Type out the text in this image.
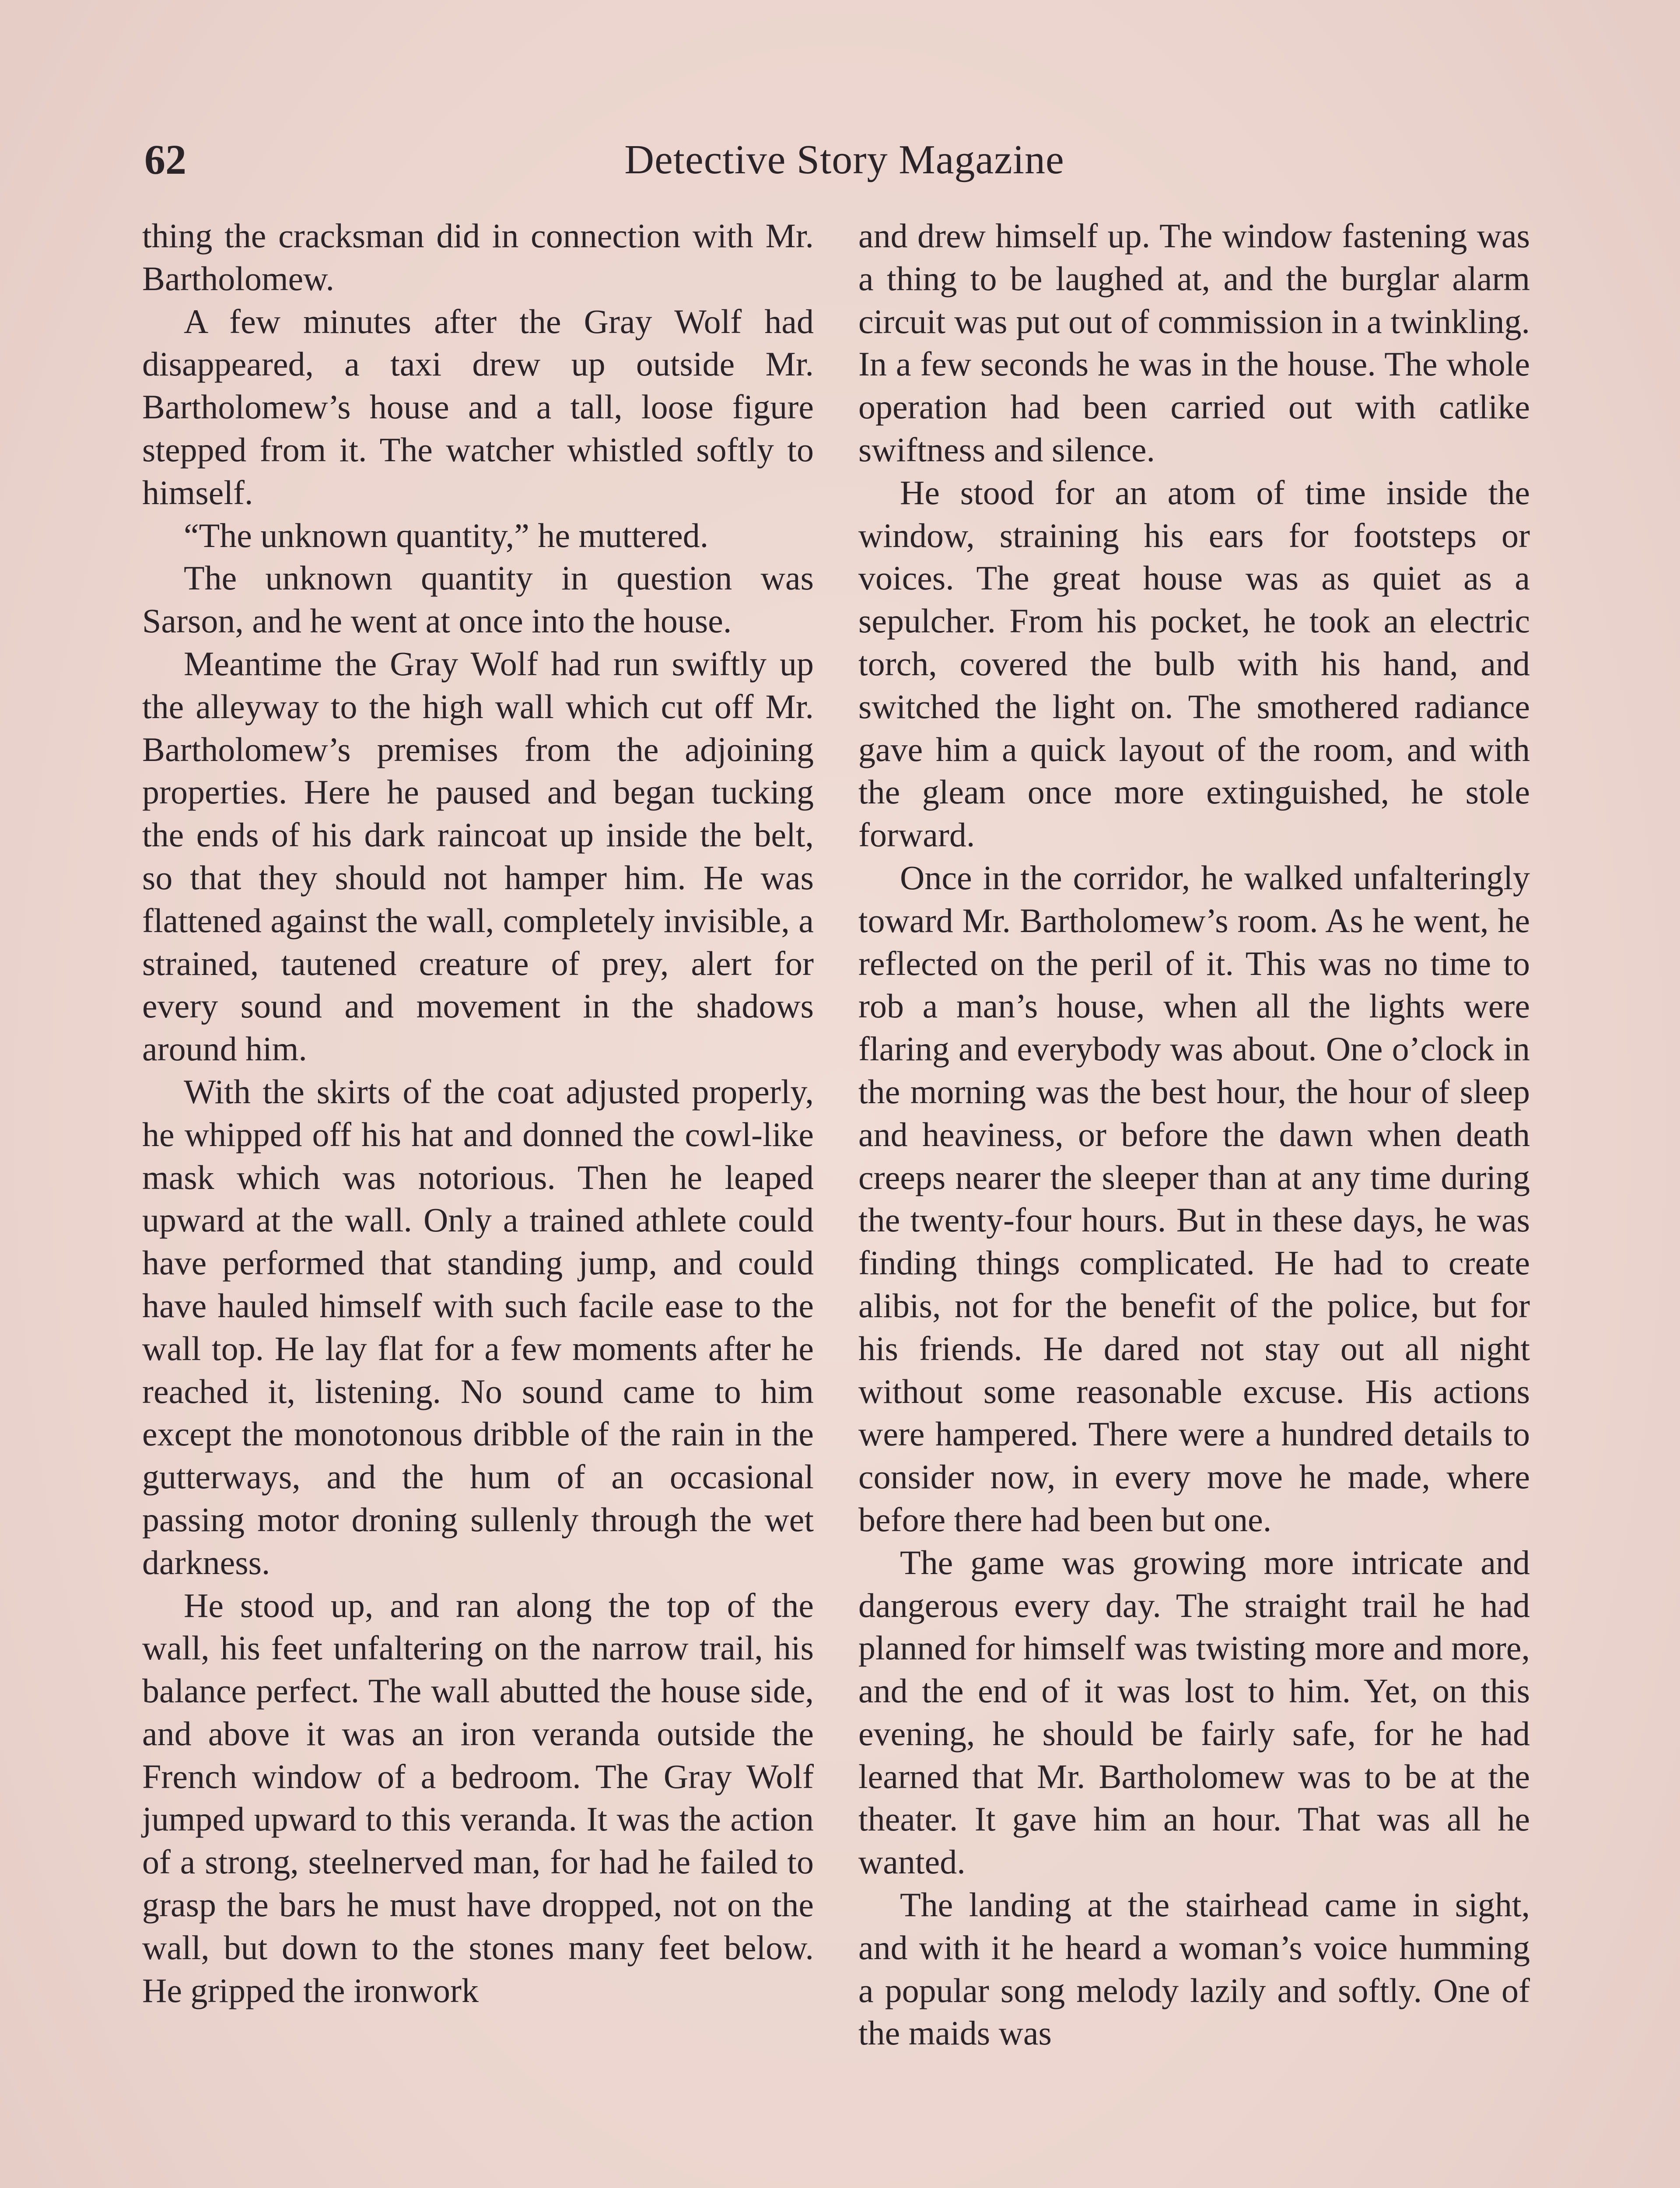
62	Detective Story Magazine

thing the cracksman did in connection with Mr. Bartholomew.

A few minutes after the Gray Wolf had disappeared, a taxi drew up outside Mr. Bartholomew’s house and a tall, loose figure stepped from it. The watcher whistled softly to himself.

“The unknown quantity,” he muttered.

The unknown quantity in question was Sarson, and he went at once into the house.

Meantime the Gray Wolf had run swiftly up the alleyway to the high wall which cut off Mr. Bartholomew’s premises from the adjoining properties. Here he paused and began tucking the ends of his dark raincoat up inside the belt, so that they should not hamper him. He was flattened against the wall, completely invisible, a strained, tautened creature of prey, alert for every sound and movement in the shadows around him.

With the skirts of the coat adjusted properly, he whipped off his hat and donned the cowl-like mask which was notorious. Then he leaped upward at the wall. Only a trained athlete could have performed that standing jump, and could have hauled himself with such facile ease to the wall top. He lay flat for a few moments after he reached it, listening. No sound came to him except the monotonous dribble of the rain in the gutterways, and the hum of an occasional passing motor droning sullenly through the wet darkness.

He stood up, and ran along the top of the wall, his feet unfaltering on the narrow trail, his balance perfect. The wall abutted the house side, and above it was an iron veranda outside the French window of a bedroom. The Gray Wolf jumped upward to this veranda. It was the action of a strong, steelnerved man, for had he failed to grasp the bars he must have dropped, not on the wall, but down to the stones many feet below. He gripped the ironwork

and drew himself up. The window fastening was a thing to be laughed at, and the burglar alarm circuit was put out of commission in a twinkling. In a few seconds he was in the house. The whole operation had been carried out with catlike swiftness and silence.

He stood for an atom of time inside the window, straining his ears for footsteps or voices. The great house was as quiet as a sepulcher. From his pocket, he took an electric torch, covered the bulb with his hand, and switched the light on. The smothered radiance gave him a quick layout of the room, and with the gleam once more extinguished, he stole forward.

Once in the corridor, he walked unfalteringly toward Mr. Bartholomew’s room. As he went, he reflected on the peril of it. This was no time to rob a man’s house, when all the lights were flaring and everybody was about. One o’clock in the morning was the best hour, the hour of sleep and heaviness, or before the dawn when death creeps nearer the sleeper than at any time during the twenty-four hours. But in these days, he was finding things complicated. He had to create alibis, not for the benefit of the police, but for his friends. He dared not stay out all night without some reasonable excuse. His actions were hampered. There were a hundred details to consider now, in every move he made, where before there had been but one.

The game was growing more intricate and dangerous every day. The straight trail he had planned for himself was twisting more and more, and the end of it was lost to him. Yet, on this evening, he should be fairly safe, for he had learned that Mr. Bartholomew was to be at the theater. It gave him an hour. That was all he wanted.

The landing at the stairhead came in sight, and with it he heard a woman’s voice humming a popular song melody lazily and softly. One of the maids was
